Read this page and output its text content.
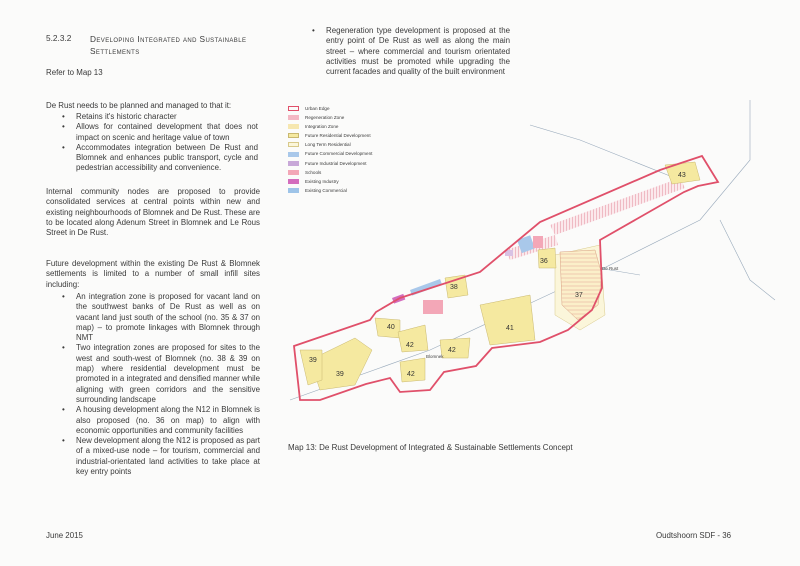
5.2.3.2 Developing Integrated and Sustainable
Settlements
Refer to Map 13
De Rust needs to be planned and managed to that it:
• Retains it's historic character
• Allows for contained development that does not impact on scenic and heritage value of town
• Accommodates integration between De Rust and Blomnek and enhances public transport, cycle and pedestrian accessibility and convenience.
Internal community nodes are proposed to provide consolidated services at central points within new and existing neighbourhoods of Blomnek and De Rust. These are to be located along Adenum Street in Blomnek and Le Rous Street in De Rust.
Future development within the existing De Rust & Blomnek settlements is limited to a number of small infill sites including:
• An integration zone is proposed for vacant land on the southwest banks of De Rust as well as on vacant land just south of the school (no. 35 & 37 on map) – to promote linkages with Blomnek through NMT
• Two integration zones are proposed for sites to the west and south-west of Blomnek (no. 38 & 39 on map) where residential development must be promoted in a integrated and densified manner while aligning with green corridors and the sensitive surrounding landscape
• A housing development along the N12 in Blomnek is also proposed (no. 36 on map) to align with economic opportunities and community facilities
• New development along the N12 is proposed as part of a mixed-use node – for tourism, commercial and industrial-orientated land activities to take place at key entry points
• Regeneration type development is proposed at the entry point of De Rust as well as along the main street – where commercial and tourism orientated activities must be promoted while upgrading the current facades and quality of the built environment
43
36
37
38
40	41
42
42
42
39
39
De Rust
Blomnek
Urban Edge
Regeneration Zone
Integration Zone
Future Residential Development
Long Term Residential
Future Commercial Development
Future Industrial Development
Schools
Existing Industry
Existing Commercial
Map 13: De Rust Development of Integrated & Sustainable Settlements Concept
June 2015	Oudtshoorn SDF - 36
